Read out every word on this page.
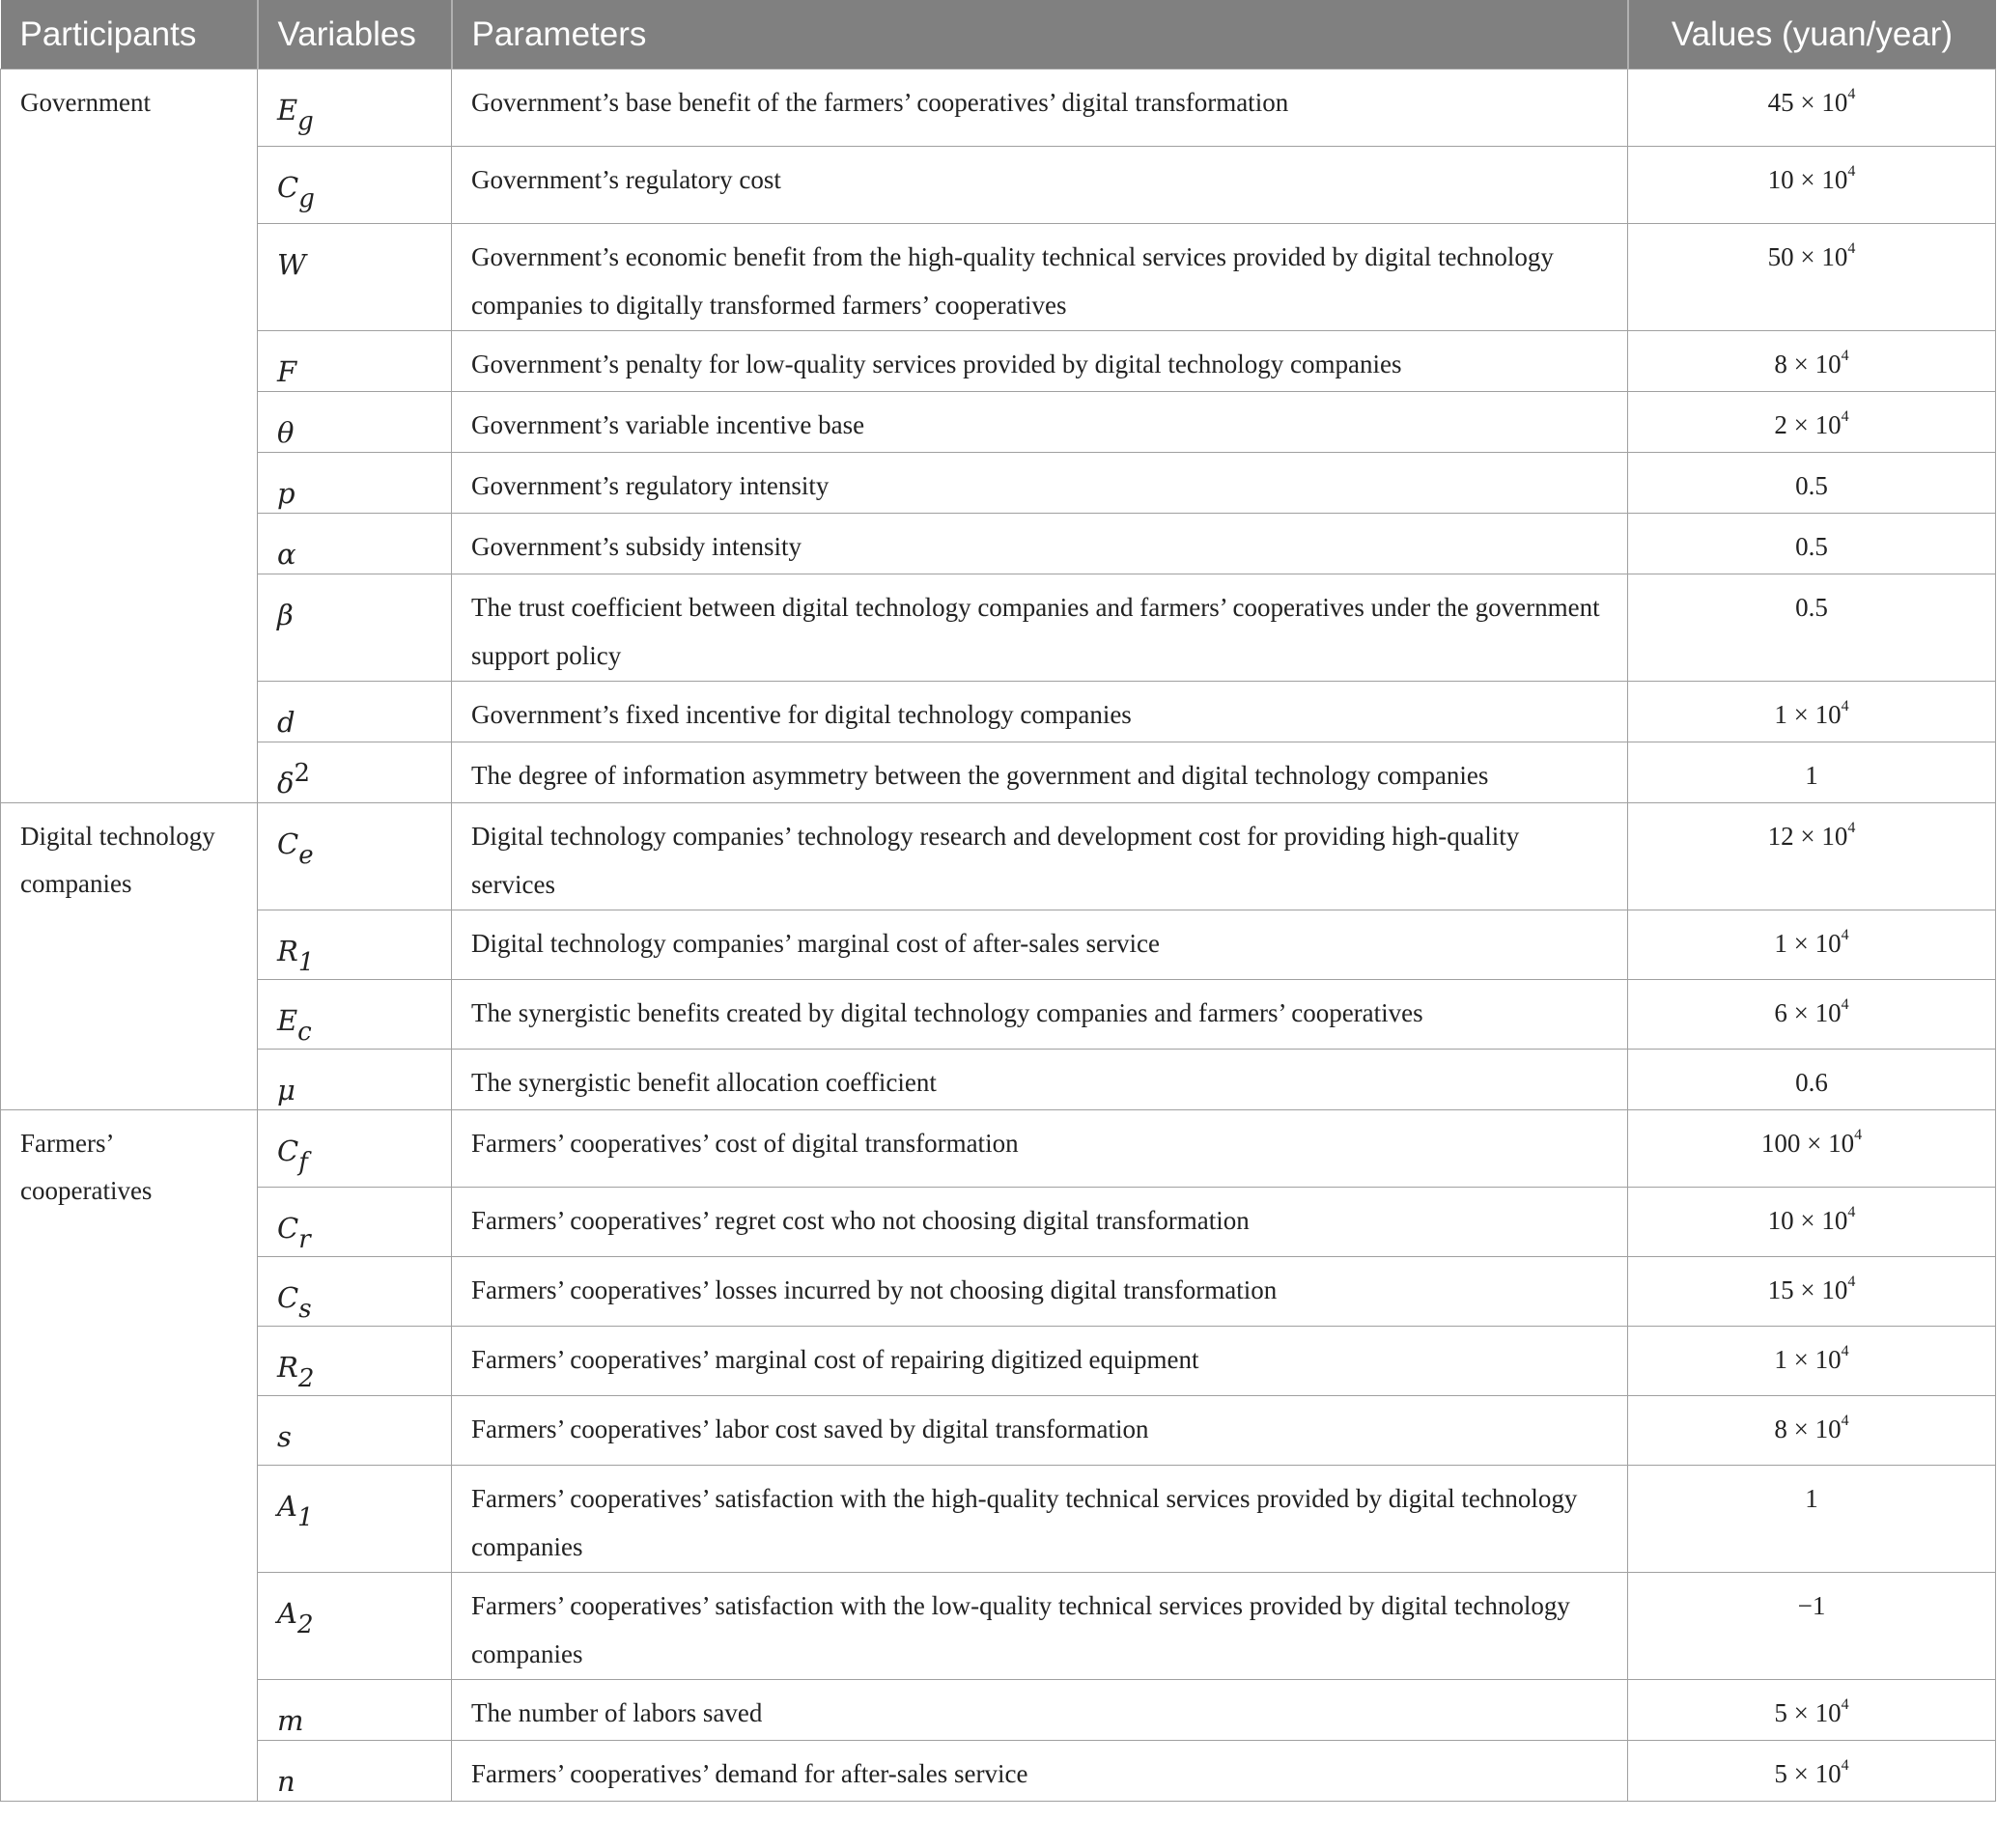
Participants	Variables	Parameters	Values (yuan/year)
Government	$E_g$	Government’s base benefit of the farmers’ cooperatives’ digital transformation	$45 \times 10^4$
	$C_g$	Government’s regulatory cost	$10 \times 10^4$
	W	Government’s economic benefit from the high-quality technical services provided by digital technology companies to digitally transformed farmers’ cooperatives	$50 \times 10^4$
	F	Government’s penalty for low-quality services provided by digital technology companies	$8 \times 10^4$
	θ	Government’s variable incentive base	$2 \times 10^4$
	p	Government’s regulatory intensity	0.5
	α	Government’s subsidy intensity	0.5
	β	The trust coefficient between digital technology companies and farmers’ cooperatives under the government support policy	0.5
	d	Government’s fixed incentive for digital technology companies	$1 \times 10^4$
	$\delta^2$	The degree of information asymmetry between the government and digital technology companies	1
Digital technology companies	$C_e$	Digital technology companies’ technology research and development cost for providing high-quality services	$12 \times 10^4$
	$R_1$	Digital technology companies’ marginal cost of after-sales service	$1 \times 10^4$
	$E_c$	The synergistic benefits created by digital technology companies and farmers’ cooperatives	$6 \times 10^4$
	μ	The synergistic benefit allocation coefficient	0.6
Farmers’ cooperatives	$C_f$	Farmers’ cooperatives’ cost of digital transformation	$100 \times 10^4$
	$C_r$	Farmers’ cooperatives’ regret cost who not choosing digital transformation	$10 \times 10^4$
	$C_s$	Farmers’ cooperatives’ losses incurred by not choosing digital transformation	$15 \times 10^4$
	$R_2$	Farmers’ cooperatives’ marginal cost of repairing digitized equipment	$1 \times 10^4$
	s	Farmers’ cooperatives’ labor cost saved by digital transformation	$8 \times 10^4$
	$A_1$	Farmers’ cooperatives’ satisfaction with the high-quality technical services provided by digital technology companies	1
	$A_2$	Farmers’ cooperatives’ satisfaction with the low-quality technical services provided by digital technology companies	−1
	m	The number of labors saved	$5 \times 10^4$
	n	Farmers’ cooperatives’ demand for after-sales service	$5 \times 10^4$
